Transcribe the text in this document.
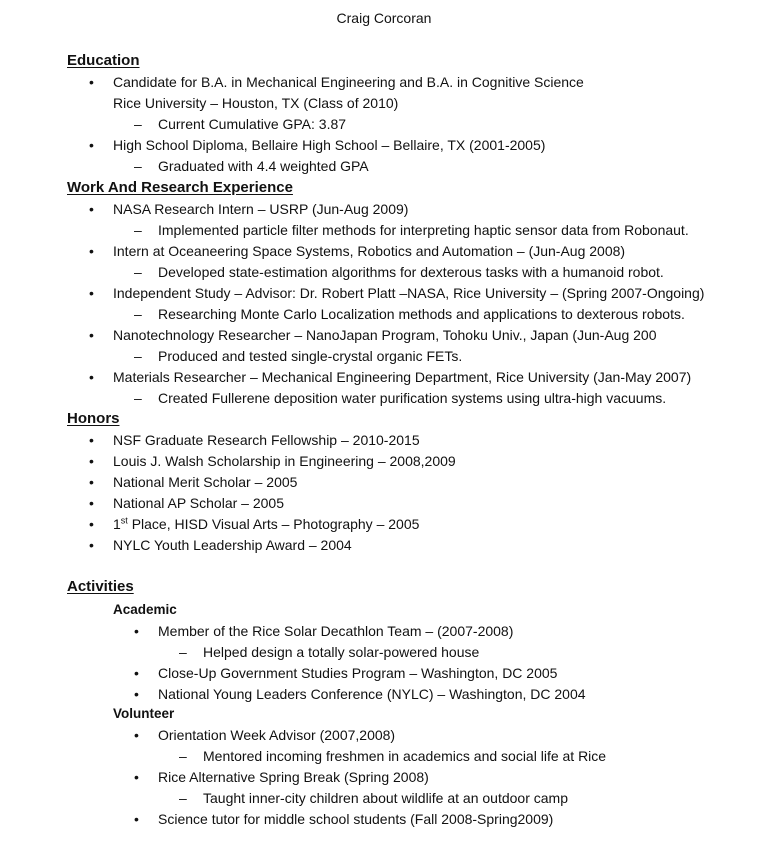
Craig Corcoran
Education
• Candidate for B.A. in Mechanical Engineering and B.A. in Cognitive Science
Rice University – Houston, TX (Class of 2010)
– Current Cumulative GPA: 3.87
• High School Diploma, Bellaire High School – Bellaire, TX (2001-2005)
– Graduated with 4.4 weighted GPA
Work And Research Experience
• NASA Research Intern – USRP (Jun-Aug 2009)
– Implemented particle filter methods for interpreting haptic sensor data from Robonaut.
• Intern at Oceaneering Space Systems, Robotics and Automation – (Jun-Aug 2008)
– Developed state-estimation algorithms for dexterous tasks with a humanoid robot.
• Independent Study – Advisor: Dr. Robert Platt –NASA, Rice University – (Spring 2007-Ongoing)
– Researching Monte Carlo Localization methods and applications to dexterous robots.
• Nanotechnology Researcher – NanoJapan Program, Tohoku Univ., Japan (Jun-Aug 200
– Produced and tested single-crystal organic FETs.
• Materials Researcher – Mechanical Engineering Department, Rice University (Jan-May 2007)
– Created Fullerene deposition water purification systems using ultra-high vacuums.
Honors
• NSF Graduate Research Fellowship – 2010-2015
• Louis J. Walsh Scholarship in Engineering – 2008,2009
• National Merit Scholar – 2005
• National AP Scholar – 2005
• 1st Place, HISD Visual Arts – Photography – 2005
• NYLC Youth Leadership Award – 2004
Activities
Academic
• Member of the Rice Solar Decathlon Team – (2007-2008)
– Helped design a totally solar-powered house
• Close-Up Government Studies Program – Washington, DC 2005
• National Young Leaders Conference (NYLC) – Washington, DC 2004
Volunteer
• Orientation Week Advisor (2007,2008)
– Mentored incoming freshmen in academics and social life at Rice
• Rice Alternative Spring Break (Spring 2008)
– Taught inner-city children about wildlife at an outdoor camp
• Science tutor for middle school students (Fall 2008-Spring2009)
